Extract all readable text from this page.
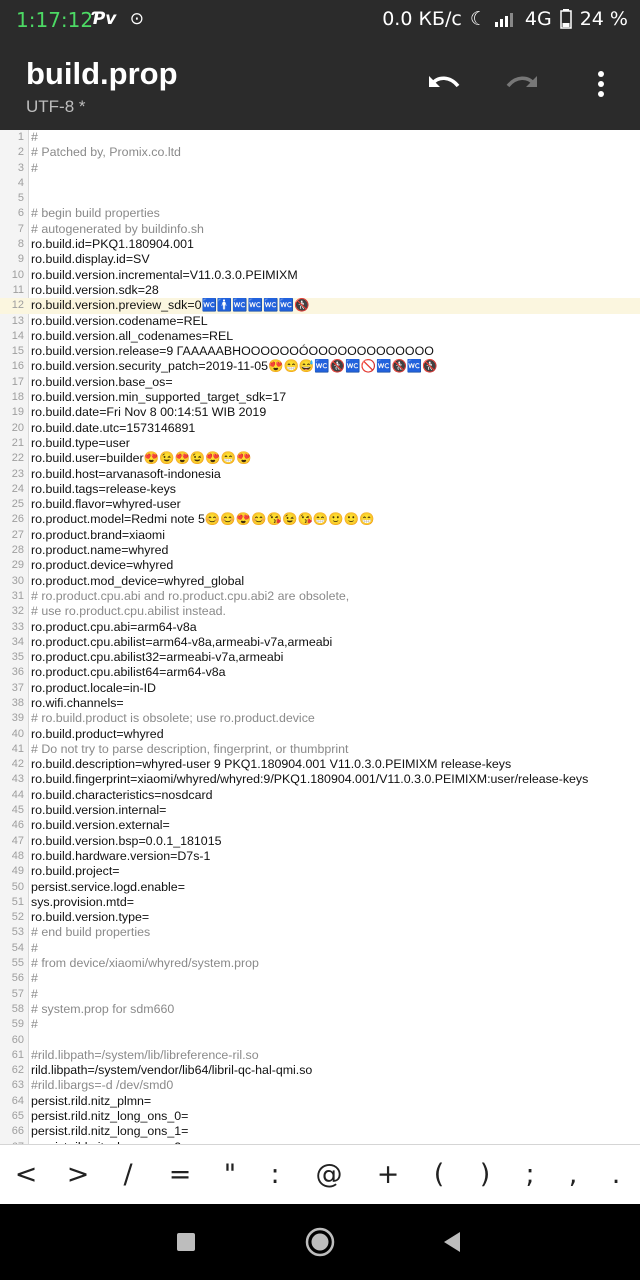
1:17:12
Ƥv ⊙	0.0 КБ/с ☾ 4G 24 %
build.prop
UTF-8 *
1 #
2 # Patched by, Promix.co.ltd
3 #
4
5
6 # begin build properties
7 # autogenerated by buildinfo.sh
8 ro.build.id=PKQ1.180904.001
9 ro.build.display.id=SV
10 ro.build.version.incremental=V11.0.3.0.PEIMIXM
11 ro.build.version.sdk=28
12 ro.build.version.preview_sdk=0🚾🚹🚾🚾🚾🚾🚷
13 ro.build.version.codename=REL
14 ro.build.version.all_codenames=REL
15 ro.build.version.release=9 ГАААААВНООООООÓООООООООООООО
16 ro.build.version.security_patch=2019-11-05😍😁😅🚾🚷🚾🚫🚾🚷🚾🚷
17 ro.build.version.base_os=
18 ro.build.version.min_supported_target_sdk=17
19 ro.build.date=Fri Nov 8 00:14:51 WIB 2019
20 ro.build.date.utc=1573146891
21 ro.build.type=user
22 ro.build.user=builder😍😉😍😉😍😁😍
23 ro.build.host=arvanasoft-indonesia
24 ro.build.tags=release-keys
25 ro.build.flavor=whyred-user
26 ro.product.model=Redmi note 5😊😊😍😊😘😉😘😁🙂🙂😁
27 ro.product.brand=xiaomi
28 ro.product.name=whyred
29 ro.product.device=whyred
30 ro.product.mod_device=whyred_global
31 # ro.product.cpu.abi and ro.product.cpu.abi2 are obsolete,
32 # use ro.product.cpu.abilist instead.
33 ro.product.cpu.abi=arm64-v8a
34 ro.product.cpu.abilist=arm64-v8a,armeabi-v7a,armeabi
35 ro.product.cpu.abilist32=armeabi-v7a,armeabi
36 ro.product.cpu.abilist64=arm64-v8a
37 ro.product.locale=in-ID
38 ro.wifi.channels=
39 # ro.build.product is obsolete; use ro.product.device
40 ro.build.product=whyred
41 # Do not try to parse description, fingerprint, or thumbprint
42 ro.build.description=whyred-user 9 PKQ1.180904.001 V11.0.3.0.PEIMIXM release-keys
43 ro.build.fingerprint=xiaomi/whyred/whyred:9/PKQ1.180904.001/V11.0.3.0.PEIMIXM:user/release-keys
44 ro.build.characteristics=nosdcard
45 ro.build.version.internal=
46 ro.build.version.external=
47 ro.build.version.bsp=0.0.1_181015
48 ro.build.hardware.version=D7s-1
49 ro.build.project=
50 persist.service.logd.enable=
51 sys.provision.mtd=
52 ro.build.version.type=
53 # end build properties
54 #
55 # from device/xiaomi/whyred/system.prop
56 #
57 #
58 # system.prop for sdm660
59 #
60
61 #rild.libpath=/system/lib/libreference-ril.so
62 rild.libpath=/system/vendor/lib64/libril-qc-hal-qmi.so
63 #rild.libargs=-d /dev/smd0
64 persist.rild.nitz_plmn=
65 persist.rild.nitz_long_ons_0=
66 persist.rild.nitz_long_ons_1=
<	>	/	=	"	:	@	+	(	)	;	,	.
